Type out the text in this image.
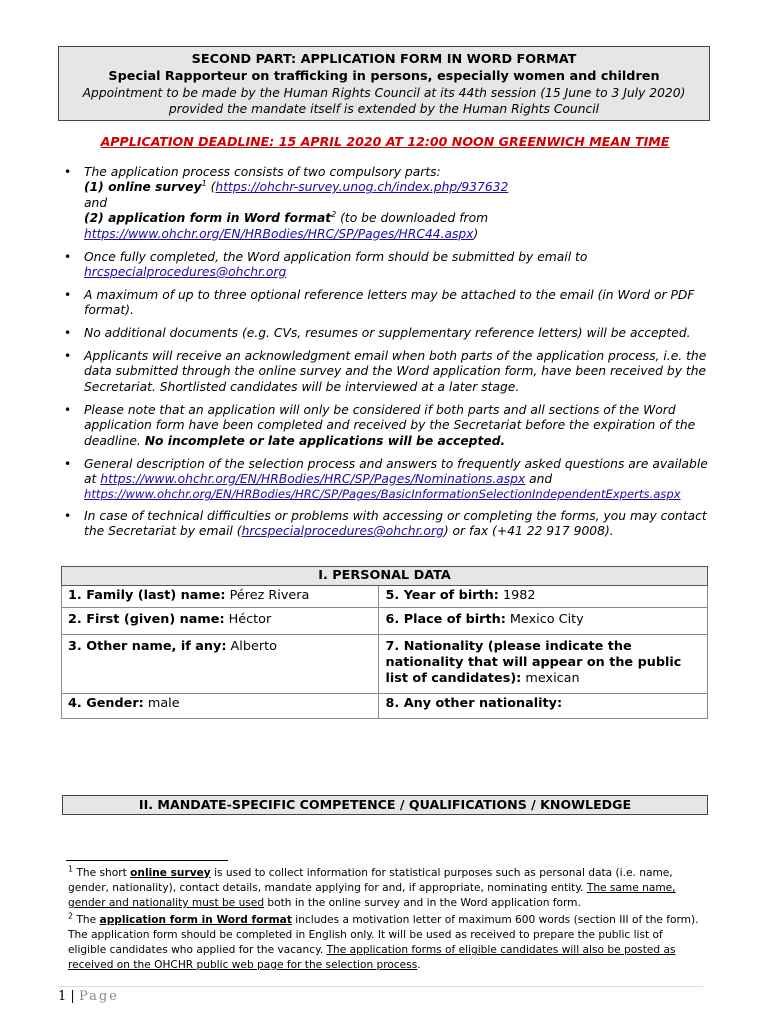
SECOND PART: APPLICATION FORM IN WORD FORMAT
Special Rapporteur on trafficking in persons, especially women and children
Appointment to be made by the Human Rights Council at its 44th session (15 June to 3 July 2020)
provided the mandate itself is extended by the Human Rights Council
APPLICATION DEADLINE: 15 APRIL 2020 AT 12:00 NOON GREENWICH MEAN TIME
• The application process consists of two compulsory parts:
(1) online survey$^1$ (https://ohchr-survey.unog.ch/index.php/937632
and
(2) application form in Word format$^2$ (to be downloaded from
https://www.ohchr.org/EN/HRBodies/HRC/SP/Pages/HRC44.aspx)
• Once fully completed, the Word application form should be submitted by email to
hrcspecialprocedures@ohchr.org
• A maximum of up to three optional reference letters may be attached to the email (in Word or PDF format).
• No additional documents (e.g. CVs, resumes or supplementary reference letters) will be accepted.
• Applicants will receive an acknowledgment email when both parts of the application process, i.e. the data submitted through the online survey and the Word application form, have been received by the Secretariat. Shortlisted candidates will be interviewed at a later stage.
• Please note that an application will only be considered if both parts and all sections of the Word application form have been completed and received by the Secretariat before the expiration of the deadline. No incomplete or late applications will be accepted.
• General description of the selection process and answers to frequently asked questions are available at https://www.ohchr.org/EN/HRBodies/HRC/SP/Pages/Nominations.aspx and
https://www.ohchr.org/EN/HRBodies/HRC/SP/Pages/BasicInformationSelectionIndependentExperts.aspx
• In case of technical difficulties or problems with accessing or completing the forms, you may contact the Secretariat by email (hrcspecialprocedures@ohchr.org) or fax (+41 22 917 9008).
I. PERSONAL DATA	
1. Family (last) name: Pérez Rivera	5. Year of birth: 1982
2. First (given) name: Héctor	6. Place of birth: Mexico City
3. Other name, if any: Alberto	7. Nationality (please indicate the nationality that will appear on the public list of candidates): mexican
4. Gender: male	8. Any other nationality:
II. MANDATE-SPECIFIC COMPETENCE / QUALIFICATIONS / KNOWLEDGE
$^1$ The short online survey is used to collect information for statistical purposes such as personal data (i.e. name, gender, nationality), contact details, mandate applying for and, if appropriate, nominating entity. The same name, gender and nationality must be used both in the online survey and in the Word application form.
$^2$ The application form in Word format includes a motivation letter of maximum 600 words (section III of the form). The application form should be completed in English only. It will be used as received to prepare the public list of eligible candidates who applied for the vacancy. The application forms of eligible candidates will also be posted as received on the OHCHR public web page for the selection process.
1 | Page
